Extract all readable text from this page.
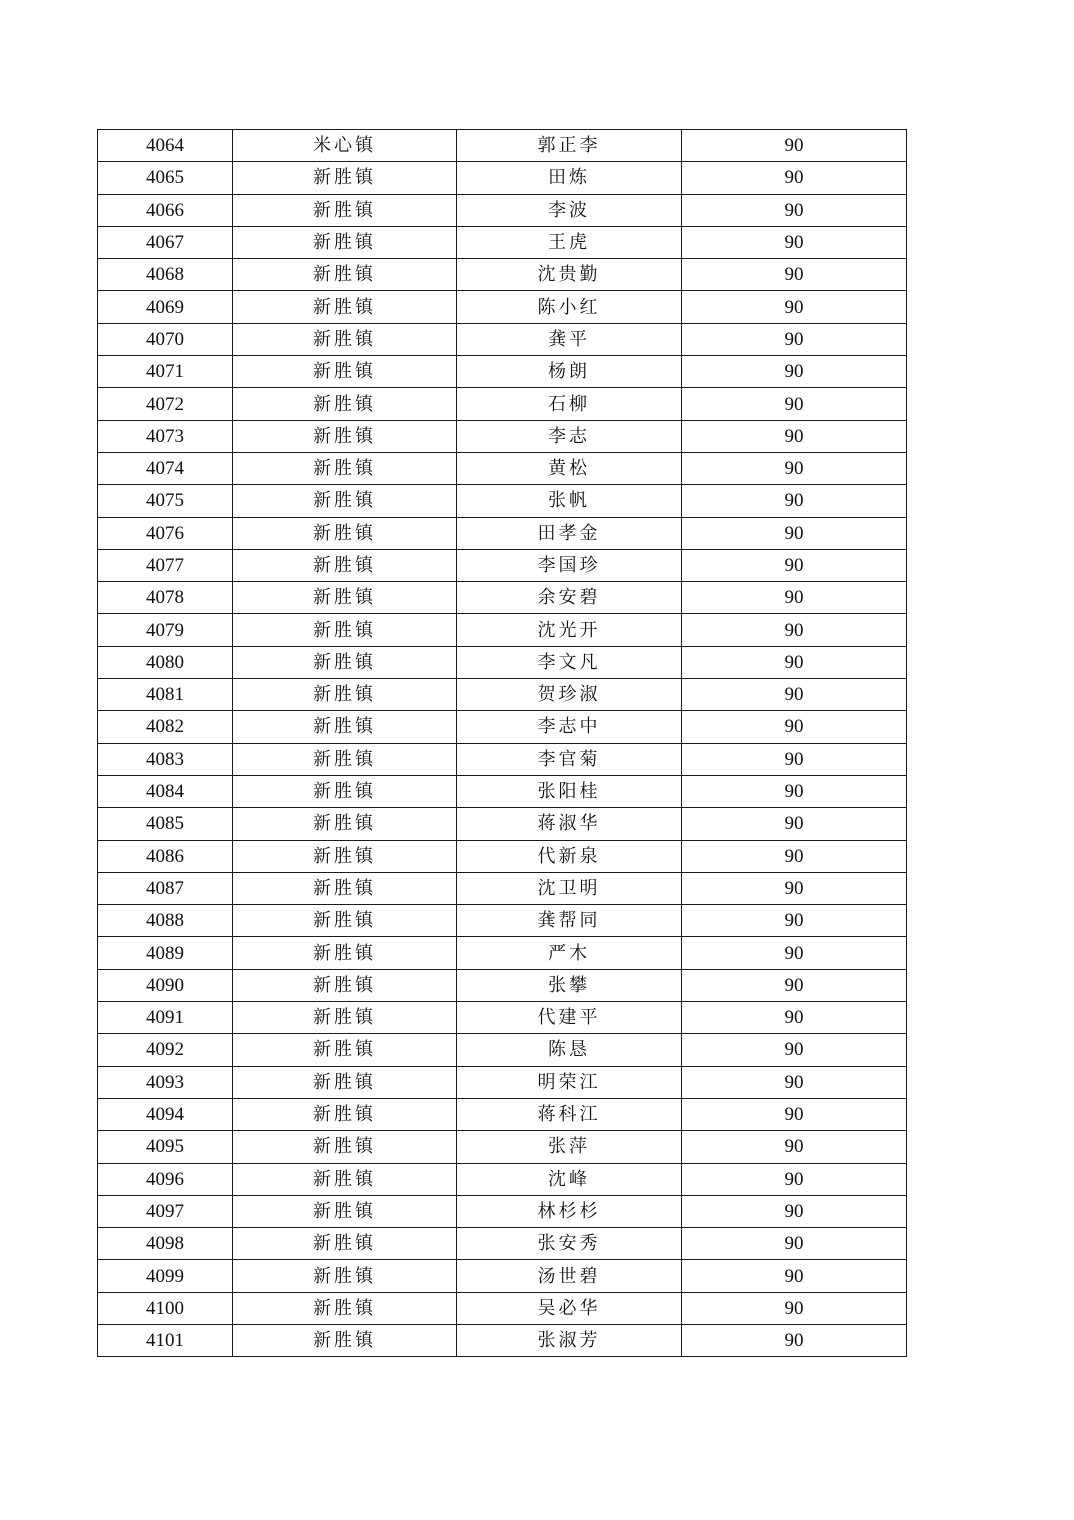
4064	米心镇	郭正李	90
4065	新胜镇	田炼	90
4066	新胜镇	李波	90
4067	新胜镇	王虎	90
4068	新胜镇	沈贵勤	90
4069	新胜镇	陈小红	90
4070	新胜镇	龚平	90
4071	新胜镇	杨朗	90
4072	新胜镇	石柳	90
4073	新胜镇	李志	90
4074	新胜镇	黄松	90
4075	新胜镇	张帆	90
4076	新胜镇	田孝金	90
4077	新胜镇	李国珍	90
4078	新胜镇	余安碧	90
4079	新胜镇	沈光开	90
4080	新胜镇	李文凡	90
4081	新胜镇	贺珍淑	90
4082	新胜镇	李志中	90
4083	新胜镇	李官菊	90
4084	新胜镇	张阳桂	90
4085	新胜镇	蒋淑华	90
4086	新胜镇	代新泉	90
4087	新胜镇	沈卫明	90
4088	新胜镇	龚帮同	90
4089	新胜镇	严木	90
4090	新胜镇	张攀	90
4091	新胜镇	代建平	90
4092	新胜镇	陈恳	90
4093	新胜镇	明荣江	90
4094	新胜镇	蒋科江	90
4095	新胜镇	张萍	90
4096	新胜镇	沈峰	90
4097	新胜镇	林杉杉	90
4098	新胜镇	张安秀	90
4099	新胜镇	汤世碧	90
4100	新胜镇	吴必华	90
4101	新胜镇	张淑芳	90
